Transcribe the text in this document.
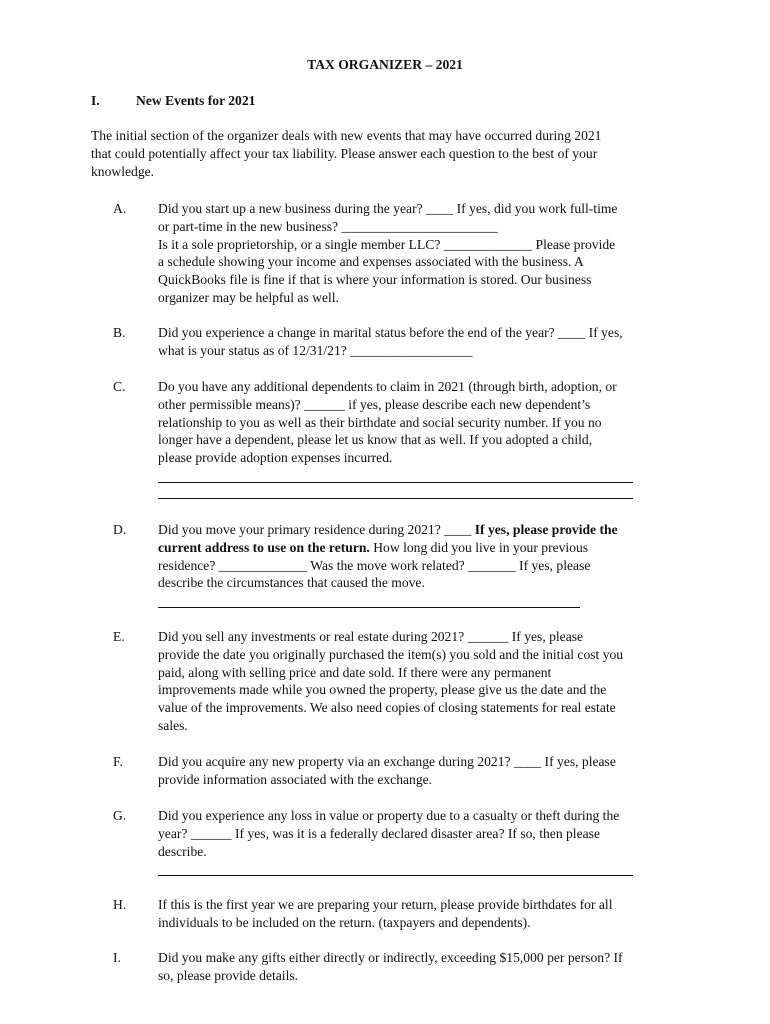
TAX ORGANIZER – 2021
I.	New Events for 2021
The initial section of the organizer deals with new events that may have occurred during 2021
that could potentially affect your tax liability. Please answer each question to the best of your
knowledge.
A. Did you start up a new business during the year? ____ If yes, did you work full-time
or part-time in the new business? _______________________
Is it a sole proprietorship, or a single member LLC? _____________ Please provide
a schedule showing your income and expenses associated with the business. A
QuickBooks file is fine if that is where your information is stored. Our business
organizer may be helpful as well.
B. Did you experience a change in marital status before the end of the year? ____ If yes,
what is your status as of 12/31/21? __________________
C. Do you have any additional dependents to claim in 2021 (through birth, adoption, or
other permissible means)? ______ if yes, please describe each new dependent’s
relationship to you as well as their birthdate and social security number. If you no
longer have a dependent, please let us know that as well. If you adopted a child,
please provide adoption expenses incurred.
D. Did you move your primary residence during 2021? ____ If yes, please provide the
current address to use on the return. How long did you live in your previous
residence? _____________ Was the move work related? _______ If yes, please
describe the circumstances that caused the move.
E. Did you sell any investments or real estate during 2021? ______ If yes, please
provide the date you originally purchased the item(s) you sold and the initial cost you
paid, along with selling price and date sold. If there were any permanent
improvements made while you owned the property, please give us the date and the
value of the improvements. We also need copies of closing statements for real estate
sales.
F.	Did you acquire any new property via an exchange during 2021? ____ If yes, please
provide information associated with the exchange.
G. Did you experience any loss in value or property due to a casualty or theft during the
year? ______ If yes, was it is a federally declared disaster area? If so, then please
describe.
H. If this is the first year we are preparing your return, please provide birthdates for all
individuals to be included on the return. (taxpayers and dependents).
I.	Did you make any gifts either directly or indirectly, exceeding $15,000 per person? If
so, please provide details.
